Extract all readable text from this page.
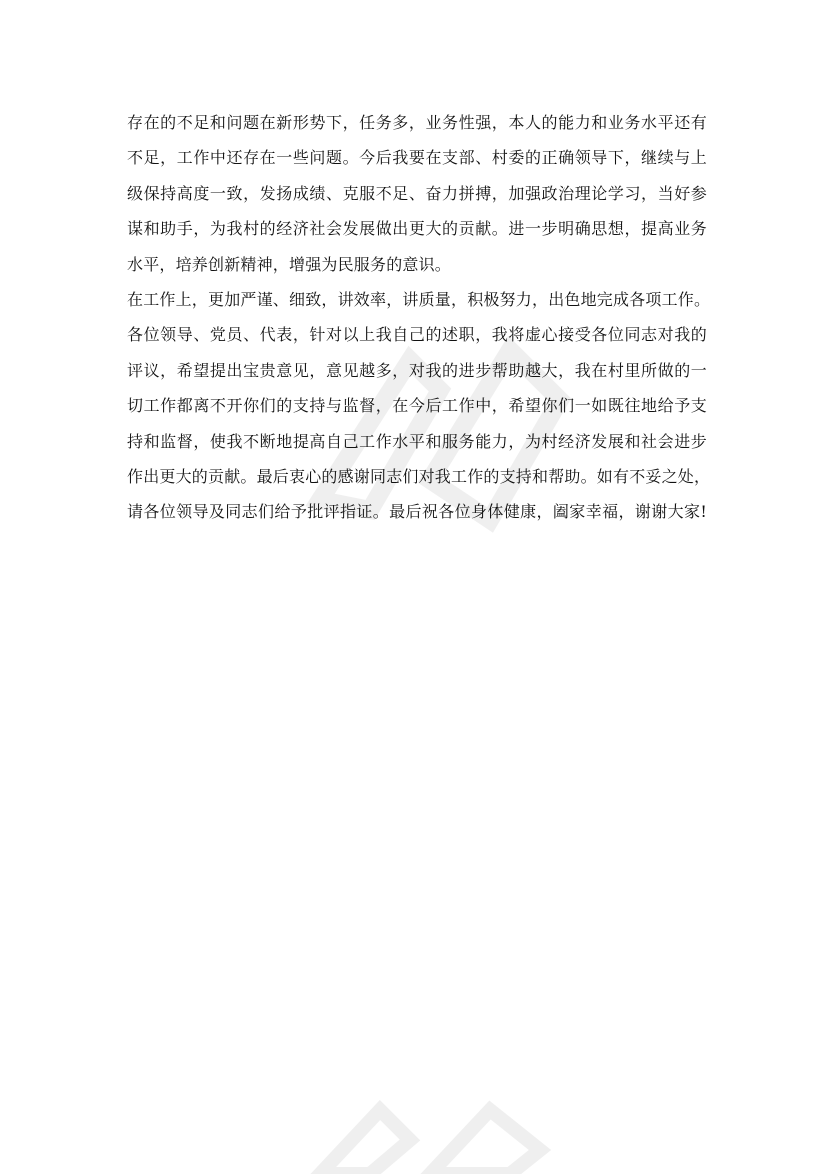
存在的不足和问题在新形势下，任务多，业务性强，本人的能力和业务水平还有
不足，工作中还存在一些问题。今后我要在支部、村委的正确领导下，继续与上
级保持高度一致，发扬成绩、克服不足、奋力拼搏，加强政治理论学习，当好参
谋和助手，为我村的经济社会发展做出更大的贡献。进一步明确思想，提高业务
水平，培养创新精神，增强为民服务的意识。
在工作上，更加严谨、细致，讲效率，讲质量，积极努力，出色地完成各项工作。
各位领导、党员、代表，针对以上我自己的述职，我将虚心接受各位同志对我的
评议，希望提出宝贵意见，意见越多，对我的进步帮助越大，我在村里所做的一
切工作都离不开你们的支持与监督，在今后工作中，希望你们一如既往地给予支
持和监督，使我不断地提高自己工作水平和服务能力，为村经济发展和社会进步
作出更大的贡献。最后衷心的感谢同志们对我工作的支持和帮助。如有不妥之处，
请各位领导及同志们给予批评指证。最后祝各位身体健康，阖家幸福，谢谢大家!
